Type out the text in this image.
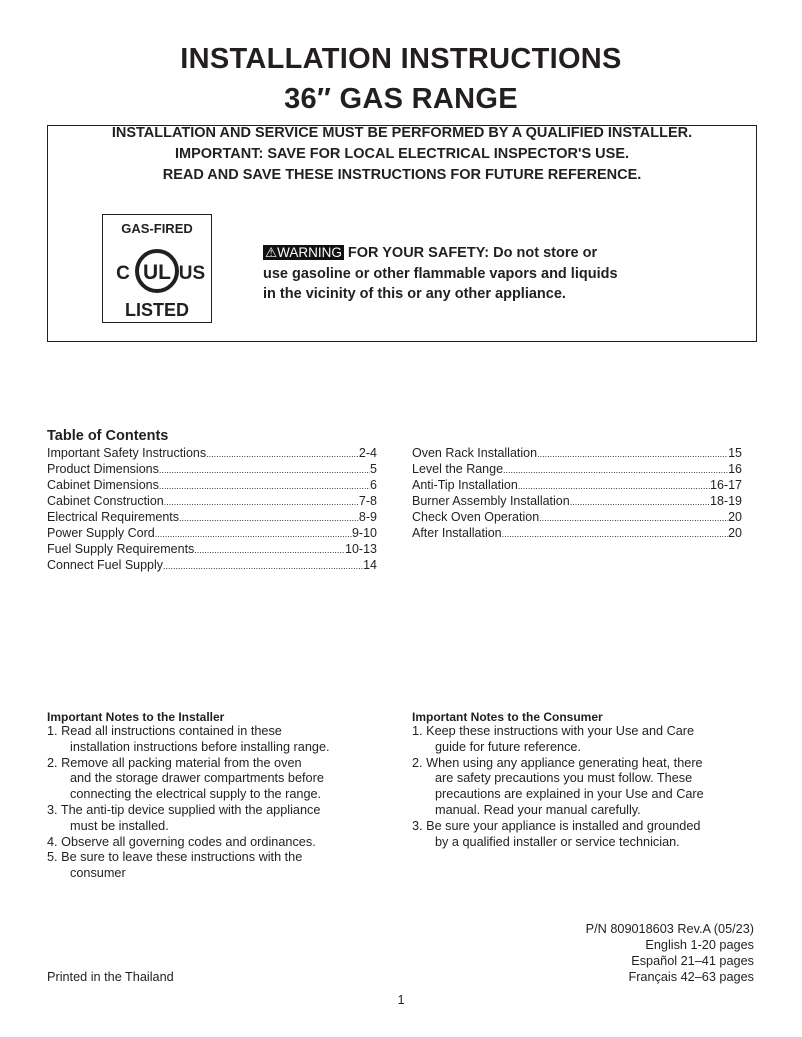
INSTALLATION INSTRUCTIONS
36″ GAS RANGE
INSTALLATION AND SERVICE MUST BE PERFORMED BY A QUALIFIED INSTALLER.
IMPORTANT: SAVE FOR LOCAL ELECTRICAL INSPECTOR'S USE.
READ AND SAVE THESE INSTRUCTIONS FOR FUTURE REFERENCE.
GAS-FIRED
UL
C	US
LISTED
⚠WARNING FOR YOUR SAFETY: Do not store or
use gasoline or other flammable vapors and liquids
in the vicinity of this or any other appliance.
Table of Contents
Important Safety Instructions .....	2-4
Product Dimensions .....	5
Cabinet Dimensions .....	6
Cabinet Construction .....	7-8
Electrical Requirements .....	8-9
Power Supply Cord .....	9-10
Fuel Supply Requirements .....	10-13
Connect Fuel Supply .....	14
Oven Rack Installation .....	15
Level the Range .....	16
Anti-Tip Installation .....	16-17
Burner Assembly Installation .....	18-19
Check Oven Operation .....	20
After Installation .....	20
Important Notes to the Installer
1. Read all instructions contained in these
installation instructions before installing range.
2. Remove all packing material from the oven
and the storage drawer compartments before
connecting the electrical supply to the range.
3. The anti-tip device supplied with the appliance
must be installed.
4. Observe all governing codes and ordinances.
5. Be sure to leave these instructions with the
consumer
Important Notes to the Consumer
1. Keep these instructions with your Use and Care
guide for future reference.
2. When using any appliance generating heat, there
are safety precautions you must follow. These
precautions are explained in your Use and Care
manual. Read your manual carefully.
3. Be sure your appliance is installed and grounded
by a qualified installer or service technician.
P/N 809018603 Rev.A (05/23)
English 1-20 pages
Español 21–41 pages
Français 42–63 pages
Printed in the Thailand
1
